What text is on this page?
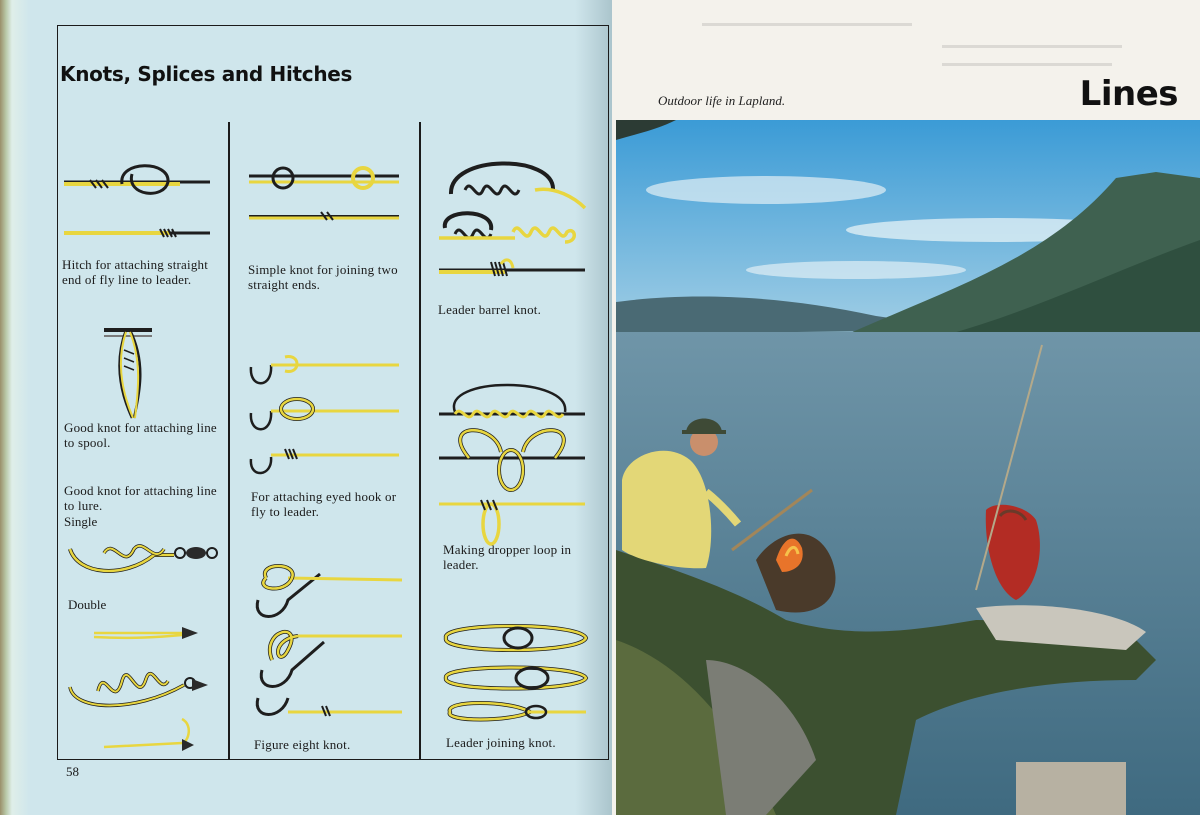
Knots, Splices and Hitches

Hitch for attaching straight end of fly line to leader.

Good knot for attaching line to spool.

Good knot for attaching line to lure.

Single
Double

Simple knot for joining two straight ends.

For attaching eyed hook or fly to leader.

Figure eight knot.

Leader barrel knot.

Making dropper loop in leader.

Leader joining knot.

58
▬▬▬▬▬▬▬▬▬▬▬▬▬▬▬▬▬▬▬▬▬
▬▬▬▬▬▬▬▬▬▬▬▬▬▬▬▬▬▬
▬▬▬▬▬▬▬▬▬▬▬▬▬▬▬▬▬
Outdoor life in Lapland.	Lines
